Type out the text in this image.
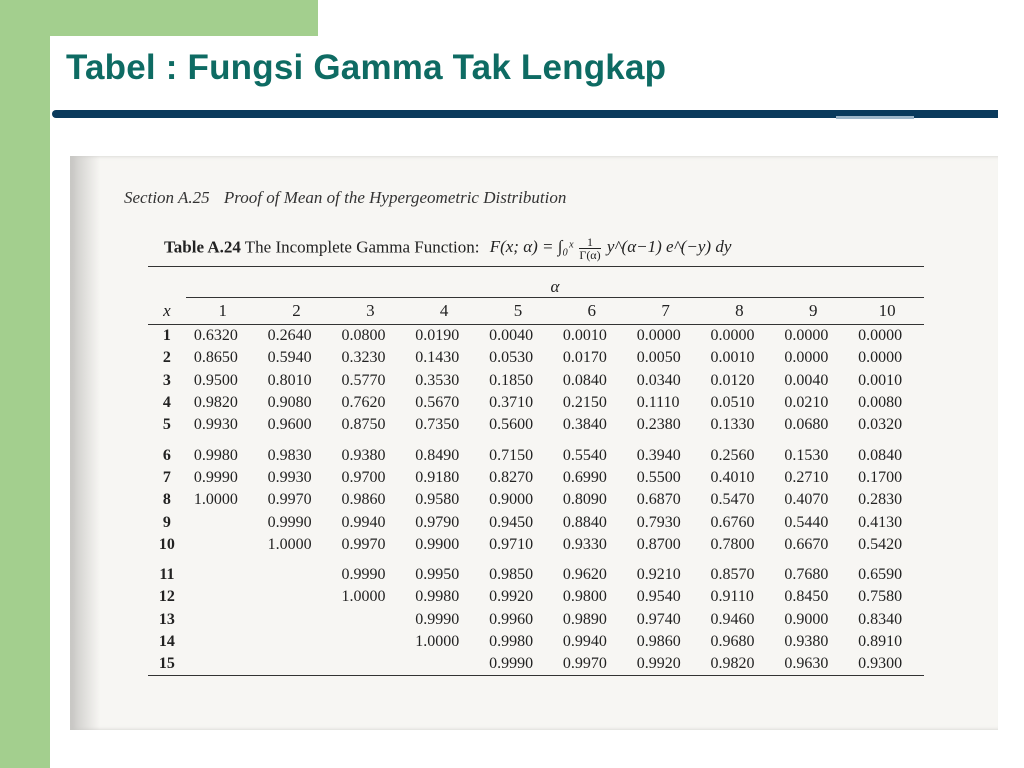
Tabel : Fungsi Gamma Tak Lengkap
Section A.25 Proof of Mean of the Hypergeometric Distribution
Table A.24 The Incomplete Gamma Function: F(x; α) = ∫₀ˣ $\frac{1}{\Gamma(\alpha)}$ y^(α−1) e^(−y) dy

	α									
x	1	2	3	4	5	6	7	8	9	10
1	0.6320	0.2640	0.0800	0.0190	0.0040	0.0010	0.0000	0.0000	0.0000	0.0000
2	0.8650	0.5940	0.3230	0.1430	0.0530	0.0170	0.0050	0.0010	0.0000	0.0000
3	0.9500	0.8010	0.5770	0.3530	0.1850	0.0840	0.0340	0.0120	0.0040	0.0010
4	0.9820	0.9080	0.7620	0.5670	0.3710	0.2150	0.1110	0.0510	0.0210	0.0080
5	0.9930	0.9600	0.8750	0.7350	0.5600	0.3840	0.2380	0.1330	0.0680	0.0320

6	0.9980	0.9830	0.9380	0.8490	0.7150	0.5540	0.3940	0.2560	0.1530	0.0840
7	0.9990	0.9930	0.9700	0.9180	0.8270	0.6990	0.5500	0.4010	0.2710	0.1700
8	1.0000	0.9970	0.9860	0.9580	0.9000	0.8090	0.6870	0.5470	0.4070	0.2830
9		0.9990	0.9940	0.9790	0.9450	0.8840	0.7930	0.6760	0.5440	0.4130
10		1.0000	0.9970	0.9900	0.9710	0.9330	0.8700	0.7800	0.6670	0.5420

11			0.9990	0.9950	0.9850	0.9620	0.9210	0.8570	0.7680	0.6590
12			1.0000	0.9980	0.9920	0.9800	0.9540	0.9110	0.8450	0.7580
13				0.9990	0.9960	0.9890	0.9740	0.9460	0.9000	0.8340
14				1.0000	0.9980	0.9940	0.9860	0.9680	0.9380	0.8910
15					0.9990	0.9970	0.9920	0.9820	0.9630	0.9300
